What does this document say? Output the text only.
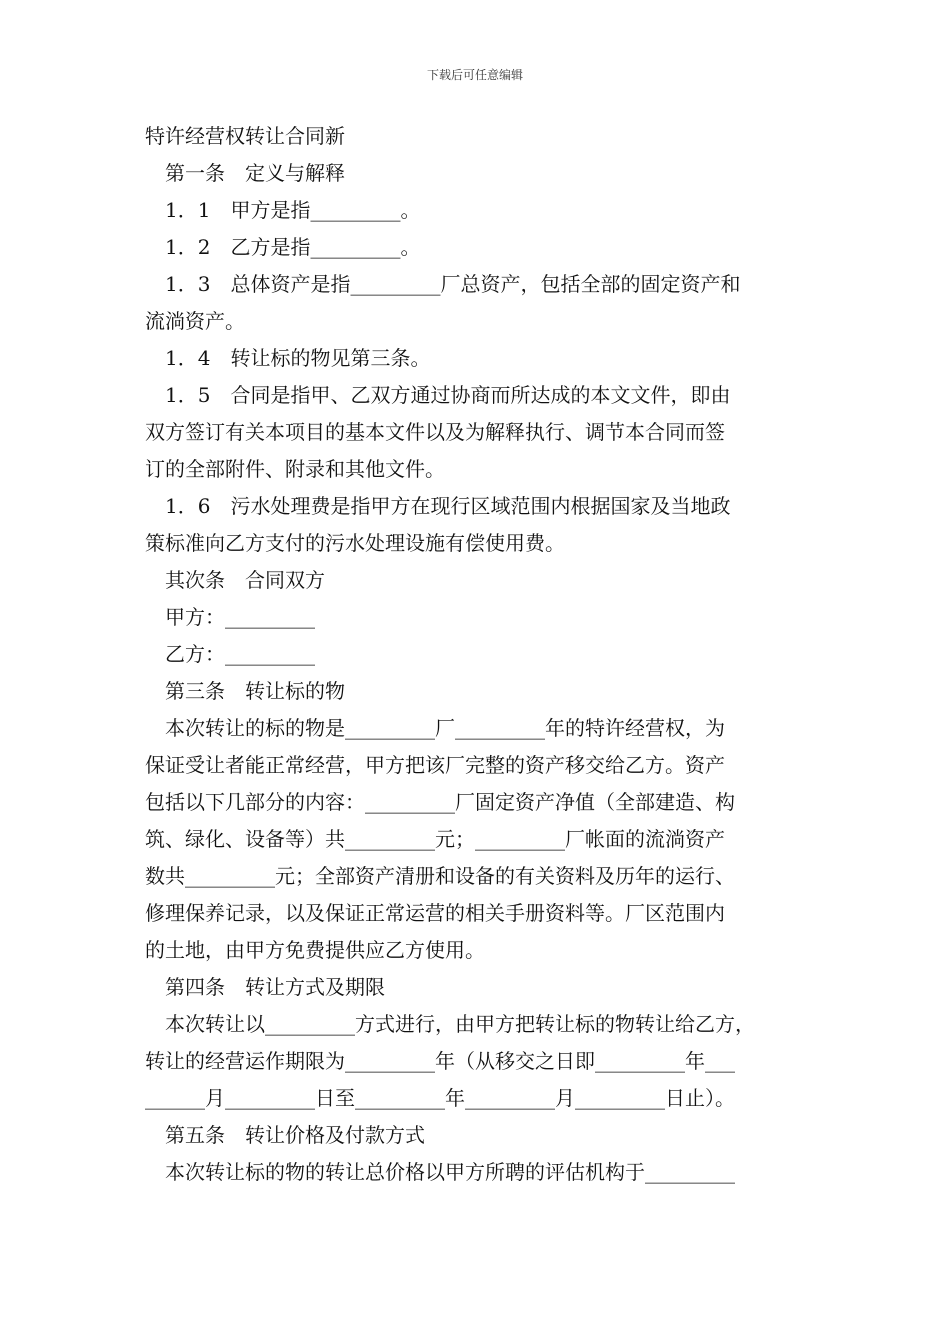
下载后可任意编辑
特许经营权转让合同新
第一条　定义与解释
1．1　甲方是指_________。
1．2　乙方是指_________。
1．3　总体资产是指_________厂总资产，包括全部的固定资产和
流淌资产。
1．4　转让标的物见第三条。
1．5　合同是指甲、乙双方通过协商而所达成的本文文件，即由
双方签订有关本项目的基本文件以及为解释执行、调节本合同而签
订的全部附件、附录和其他文件。
1．6　污水处理费是指甲方在现行区域范围内根据国家及当地政
策标准向乙方支付的污水处理设施有偿使用费。
其次条　合同双方
甲方：_________
乙方：_________
第三条　转让标的物
本次转让的标的物是_________厂_________年的特许经营权，为
保证受让者能正常经营，甲方把该厂完整的资产移交给乙方。资产
包括以下几部分的内容：_________厂固定资产净值（全部建造、构
筑、绿化、设备等）共_________元；_________厂帐面的流淌资产
数共_________元；全部资产清册和设备的有关资料及历年的运行、
修理保养记录，以及保证正常运营的相关手册资料等。厂区范围内
的土地，由甲方免费提供应乙方使用。
第四条　转让方式及期限
本次转让以_________方式进行，由甲方把转让标的物转让给乙方，
转让的经营运作期限为_________年（从移交之日即_________年___
______月_________日至_________年_________月_________日止）。
第五条　转让价格及付款方式
本次转让标的物的转让总价格以甲方所聘的评估机构于_________
